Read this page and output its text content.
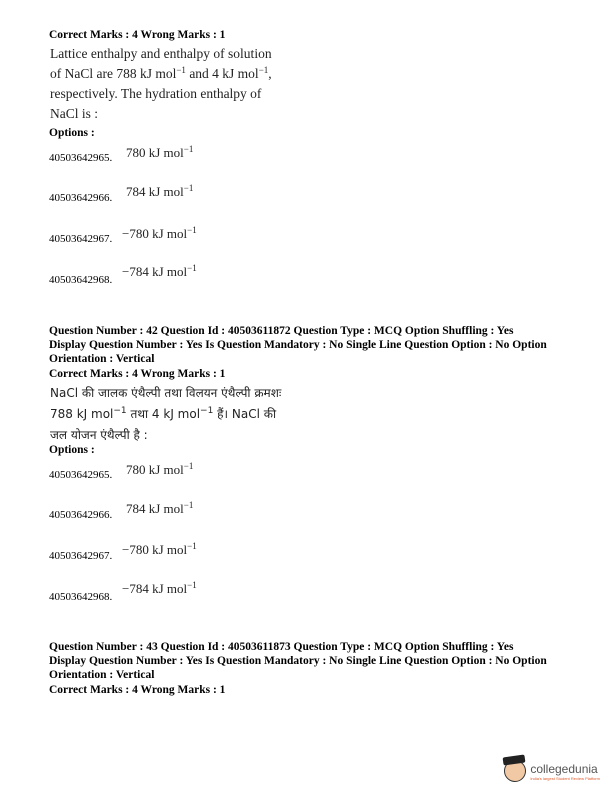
Correct Marks : 4 Wrong Marks : 1
Lattice enthalpy and enthalpy of solution
of NaCl are 788 kJ mol$^{-1}$ and 4 kJ mol$^{-1}$,
respectively. The hydration enthalpy of
NaCl is :
Options :
40503642965. 780 kJ mol$^{-1}$
40503642966. 784 kJ mol$^{-1}$
40503642967. −780 kJ mol$^{-1}$
40503642968.
−784 kJ mol$^{-1}$
Question Number : 42 Question Id : 40503611872 Question Type : MCQ Option Shuffling : Yes
Display Question Number : Yes Is Question Mandatory : No Single Line Question Option : No Option
Orientation : Vertical
Correct Marks : 4 Wrong Marks : 1
NaCl की जालक एंथैल्पी तथा विलयन एंथैल्पी क्रमशः
788 kJ mol$^{-1}$ तथा 4 kJ mol$^{-1}$ हैं। NaCl की
जल योजन एंथैल्पी है :
Options :
40503642965. 780 kJ mol$^{-1}$
40503642966. 784 kJ mol$^{-1}$
40503642967. −780 kJ mol$^{-1}$
40503642968.
−784 kJ mol$^{-1}$
Question Number : 43 Question Id : 40503611873 Question Type : MCQ Option Shuffling : Yes
Display Question Number : Yes Is Question Mandatory : No Single Line Question Option : No Option
Orientation : Vertical
Correct Marks : 4 Wrong Marks : 1
collegedunia
India's largest Student Review Platform
